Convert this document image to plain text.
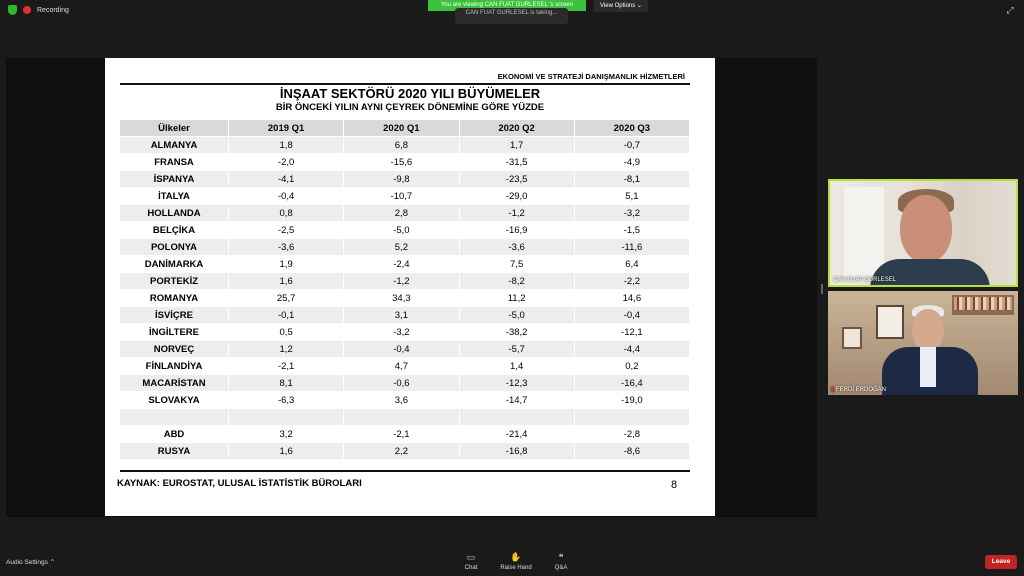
Recording
You are viewing CAN FUAT GURLESEL 's screen	View Options ⌄
CAN FUAT GURLESEL is taking...	⤢
EKONOMİ VE STRATEJİ DANIŞMANLIK HİZMETLERİ
İNŞAAT SEKTÖRÜ 2020 YILI BÜYÜMELER
BİR ÖNCEKİ YILIN AYNI ÇEYREK DÖNEMİNE GÖRE YÜZDE
Ülkeler	2019 Q1	2020 Q1	2020 Q2	2020 Q3
ALMANYA	1,8	6,8	1,7	-0,7
FRANSA	-2,0	-15,6	-31,5	-4,9
İSPANYA	-4,1	-9,8	-23,5	-8,1
İTALYA	-0,4	-10,7	-29,0	5,1
HOLLANDA	0,8	2,8	-1,2	-3,2
BELÇİKA	-2,5	-5,0	-16,9	-1,5
POLONYA	-3,6	5,2	-3,6	-11,6
DANİMARKA	1,9	-2,4	7,5	6,4
PORTEKİZ	1,6	-1,2	-8,2	-2,2
ROMANYA	25,7	34,3	11,2	14,6
İSVİÇRE	-0,1	3,1	-5,0	-0,4
İNGİLTERE	0,5	-3,2	-38,2	-12,1
NORVEÇ	1,2	-0,4	-5,7	-4,4
FİNLANDİYA	-2,1	4,7	1,4	0,2
MACARİSTAN	8,1	-0,6	-12,3	-16,4
SLOVAKYA	-6,3	3,6	-14,7	-19,0

ABD	3,2	-2,1	-21,4	-2,8
RUSYA	1,6	2,2	-16,8	-8,6
KAYNAK: EUROSTAT, ULUSAL İSTATİSTİK BÜROLARI	8
CAN FUAT GURLESEL
▮ FERDİ ERDOĞAN
Audio Settings ⌃
▭
Chat
✋
Raise Hand
❝
Q&A
Leave
